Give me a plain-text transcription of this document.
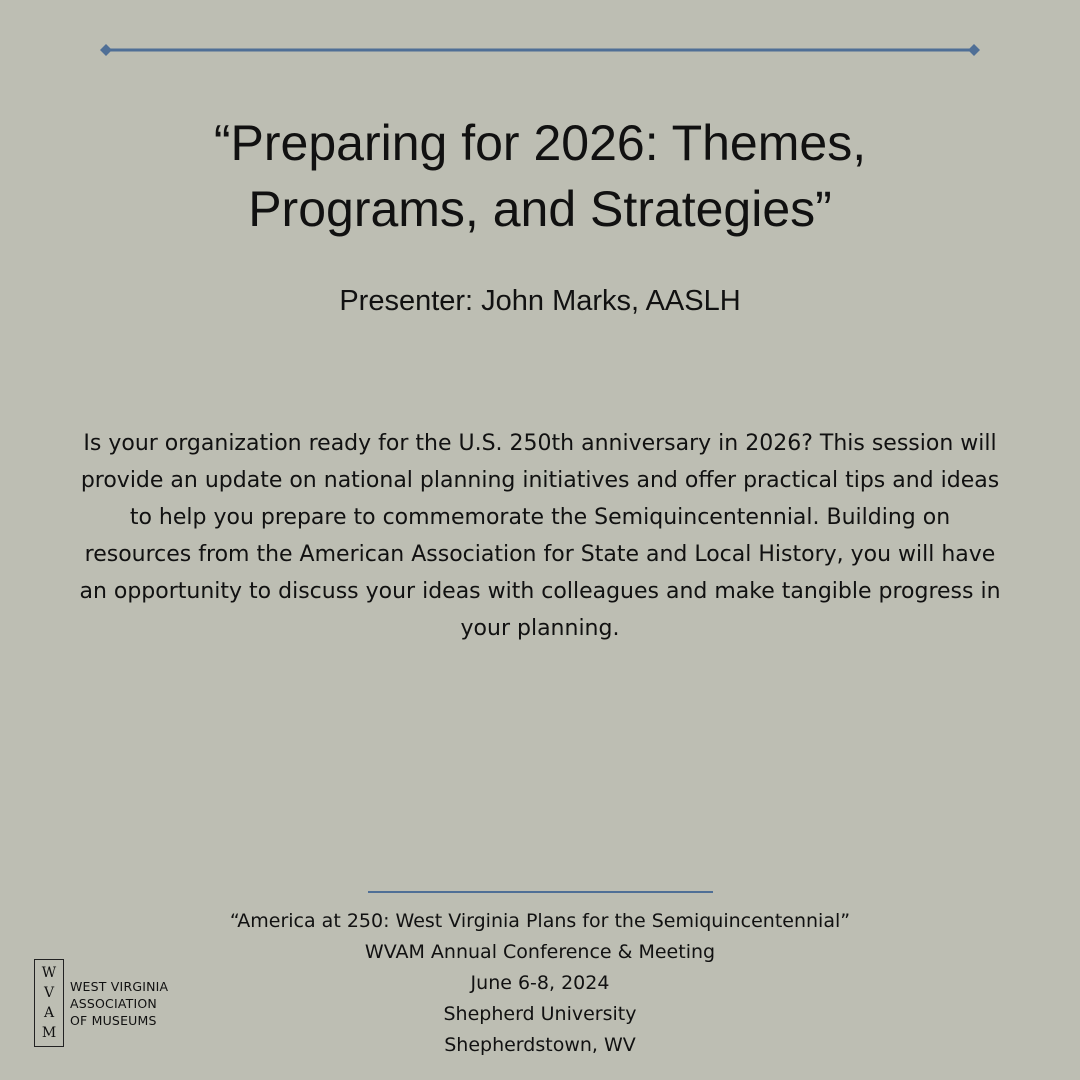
“Preparing for 2026: Themes,
Programs, and Strategies”
Presenter: John Marks, AASLH

Is your organization ready for the U.S. 250th anniversary in 2026? This session will provide an update on national planning initiatives and offer practical tips and ideas to help you prepare to commemorate the Semiquincentennial. Building on resources from the American Association for State and Local History, you will have an opportunity to discuss your ideas with colleagues and make tangible progress in your planning.

“America at 250: West Virginia Plans for the Semiquincentennial”
WVAM Annual Conference & Meeting
June 6-8, 2024
Shepherd University
Shepherdstown, WV
W
V
A
M
WEST VIRGINIA
ASSOCIATION
OF MUSEUMS
